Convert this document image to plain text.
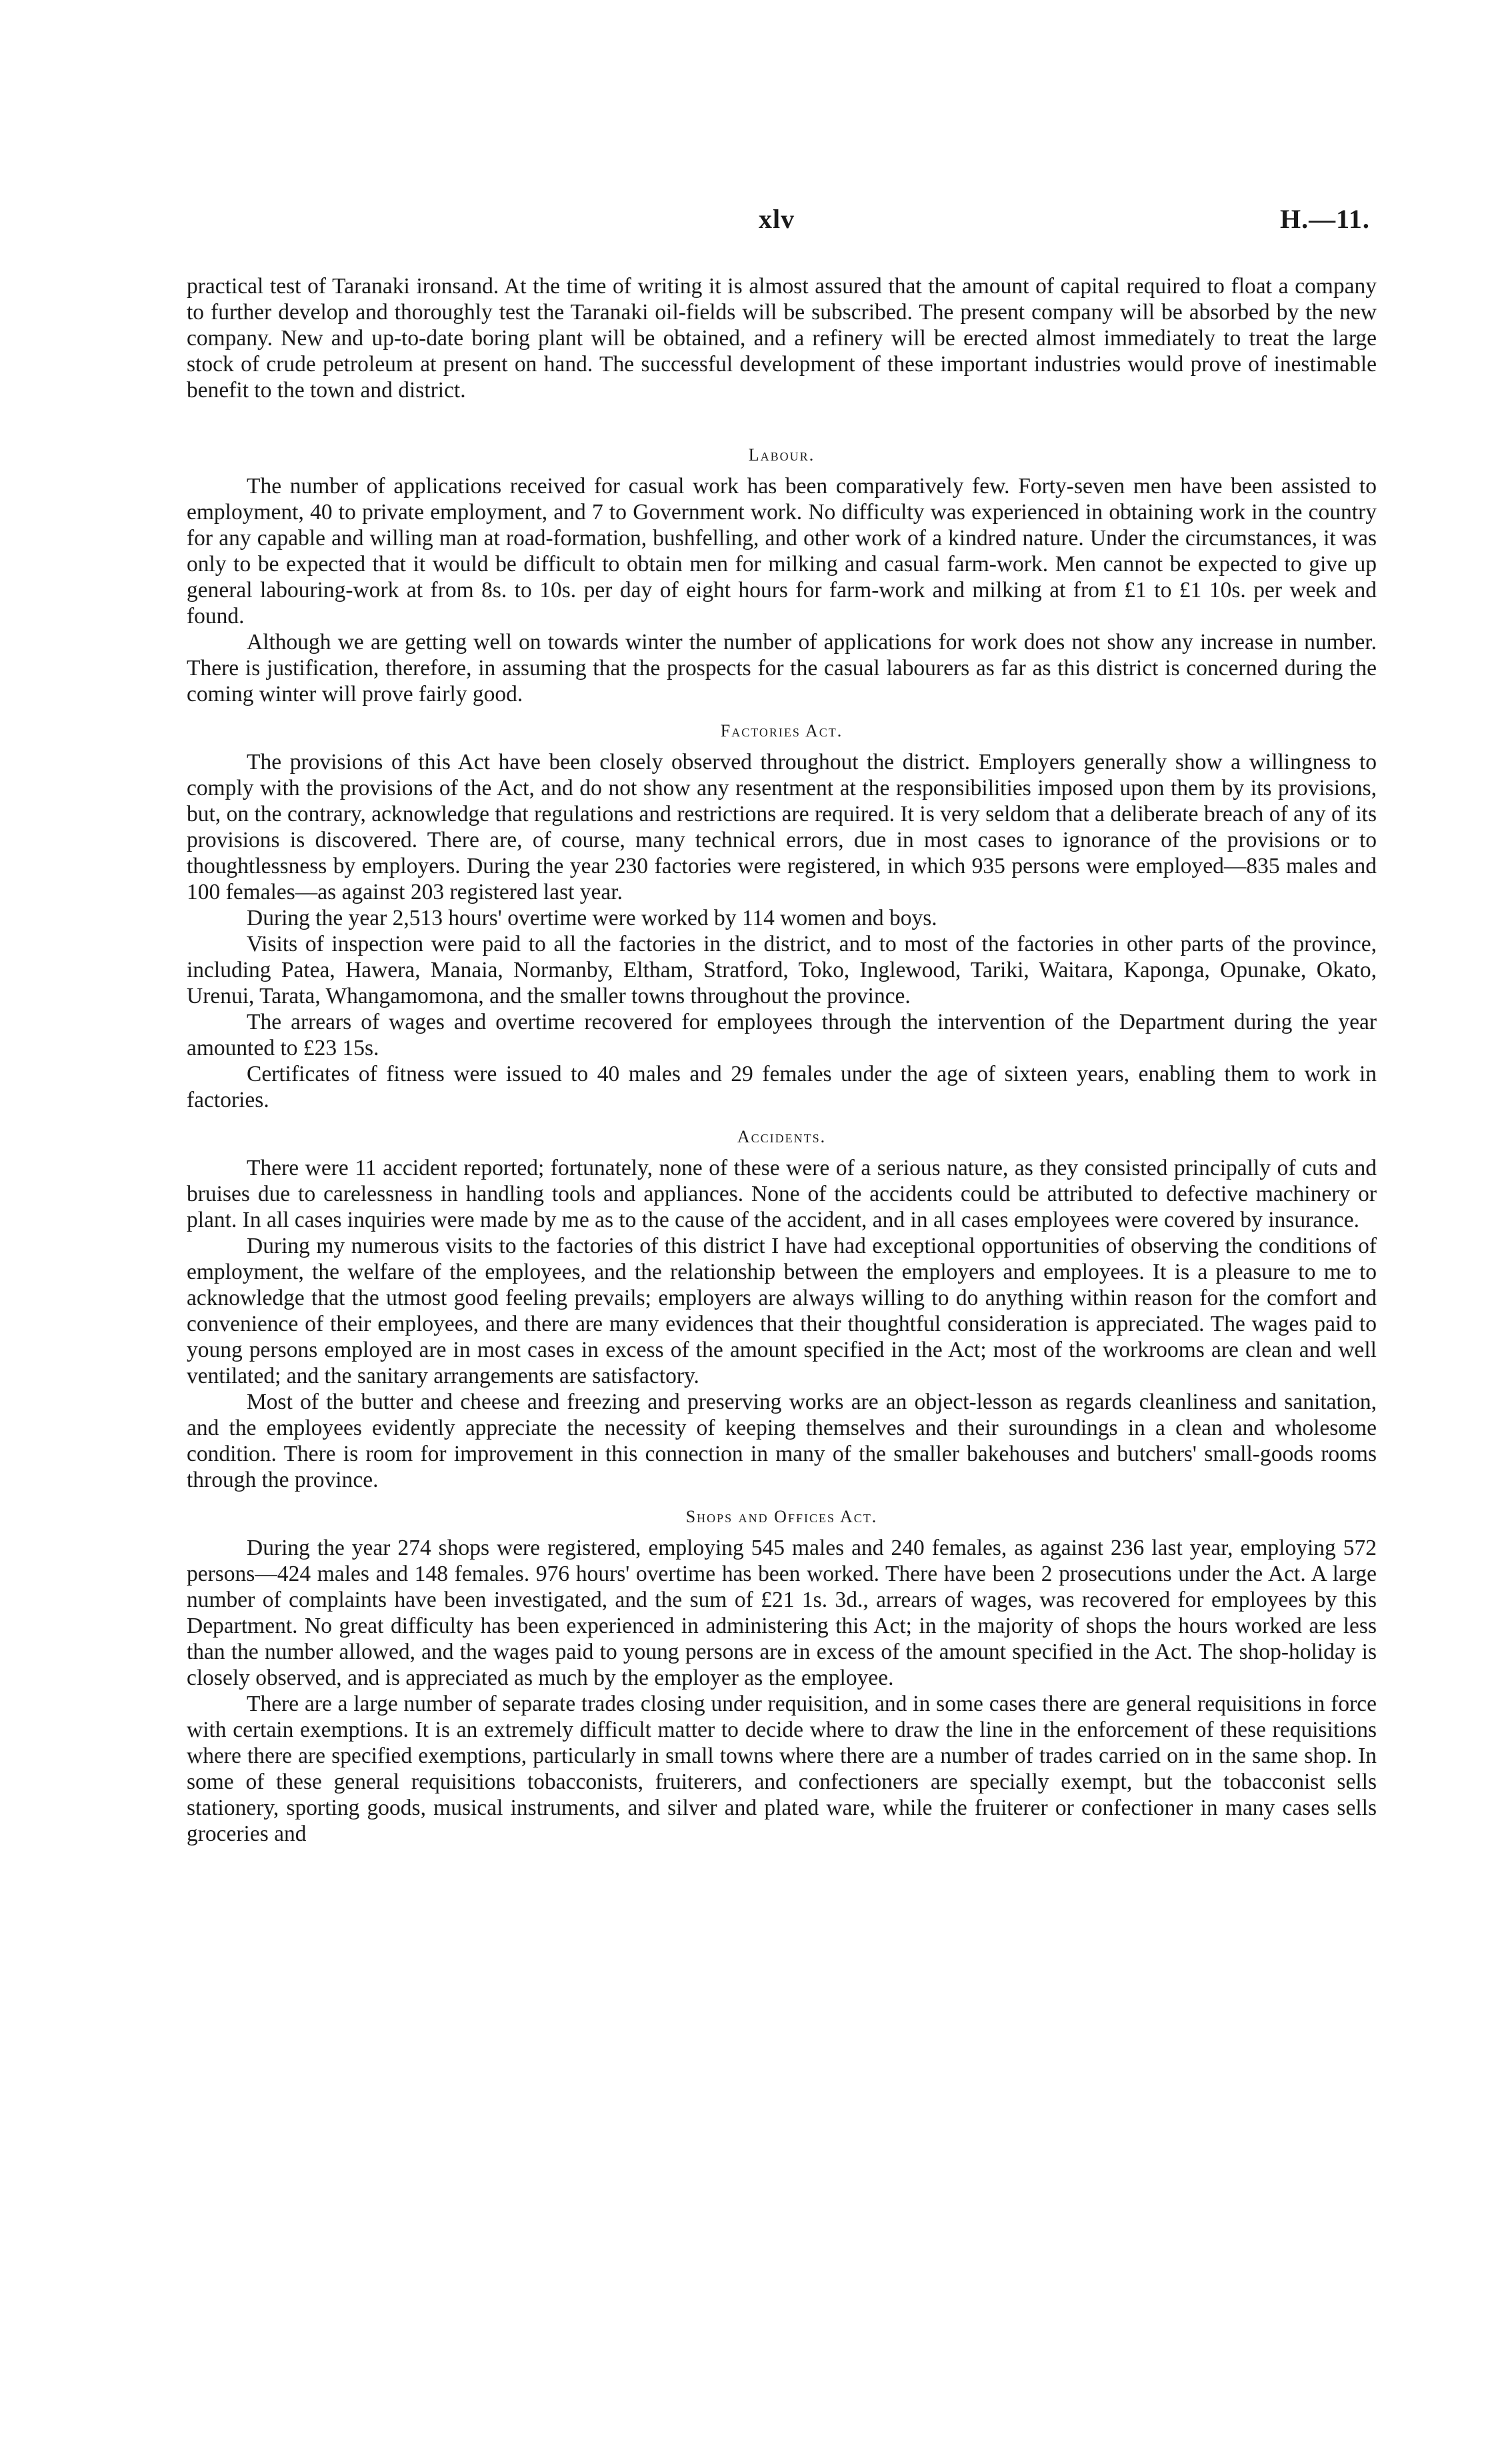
xlv	H.—11.

practical test of Taranaki ironsand. At the time of writing it is almost assured that the amount of capital required to float a company to further develop and thoroughly test the Taranaki oil-fields will be subscribed. The present company will be absorbed by the new company. New and up-to-date boring plant will be obtained, and a refinery will be erected almost immediately to treat the large stock of crude petroleum at present on hand. The successful development of these important industries would prove of inestimable benefit to the town and district.

Labour.

The number of applications received for casual work has been comparatively few. Forty-seven men have been assisted to employment, 40 to private employment, and 7 to Government work. No difficulty was experienced in obtaining work in the country for any capable and willing man at road-formation, bushfelling, and other work of a kindred nature. Under the circumstances, it was only to be expected that it would be difficult to obtain men for milking and casual farm-work. Men cannot be expected to give up general labouring-work at from 8s. to 10s. per day of eight hours for farm-work and milking at from £1 to £1 10s. per week and found.

Although we are getting well on towards winter the number of applications for work does not show any increase in number. There is justification, therefore, in assuming that the prospects for the casual labourers as far as this district is concerned during the coming winter will prove fairly good.

Factories Act.

The provisions of this Act have been closely observed throughout the district. Employers generally show a willingness to comply with the provisions of the Act, and do not show any resentment at the responsibilities imposed upon them by its provisions, but, on the contrary, acknowledge that regulations and restrictions are required. It is very seldom that a deliberate breach of any of its provisions is discovered. There are, of course, many technical errors, due in most cases to ignorance of the provisions or to thoughtlessness by employers. During the year 230 factories were registered, in which 935 persons were employed—835 males and 100 females—as against 203 registered last year.

During the year 2,513 hours' overtime were worked by 114 women and boys.

Visits of inspection were paid to all the factories in the district, and to most of the factories in other parts of the province, including Patea, Hawera, Manaia, Normanby, Eltham, Stratford, Toko, Inglewood, Tariki, Waitara, Kaponga, Opunake, Okato, Urenui, Tarata, Whangamomona, and the smaller towns throughout the province.

The arrears of wages and overtime recovered for employees through the intervention of the Department during the year amounted to £23 15s.

Certificates of fitness were issued to 40 males and 29 females under the age of sixteen years, enabling them to work in factories.

Accidents.

There were 11 accident reported; fortunately, none of these were of a serious nature, as they consisted principally of cuts and bruises due to carelessness in handling tools and appliances. None of the accidents could be attributed to defective machinery or plant. In all cases inquiries were made by me as to the cause of the accident, and in all cases employees were covered by insurance.

During my numerous visits to the factories of this district I have had exceptional opportunities of observing the conditions of employment, the welfare of the employees, and the relationship between the employers and employees. It is a pleasure to me to acknowledge that the utmost good feeling prevails; employers are always willing to do anything within reason for the comfort and convenience of their employees, and there are many evidences that their thoughtful consideration is appreciated. The wages paid to young persons employed are in most cases in excess of the amount specified in the Act; most of the workrooms are clean and well ventilated; and the sanitary arrangements are satisfactory.

Most of the butter and cheese and freezing and preserving works are an object-lesson as regards cleanliness and sanitation, and the employees evidently appreciate the necessity of keeping themselves and their suroundings in a clean and wholesome condition. There is room for improvement in this connection in many of the smaller bakehouses and butchers' small-goods rooms through the province.

Shops and Offices Act.

During the year 274 shops were registered, employing 545 males and 240 females, as against 236 last year, employing 572 persons—424 males and 148 females. 976 hours' overtime has been worked. There have been 2 prosecutions under the Act. A large number of complaints have been investigated, and the sum of £21 1s. 3d., arrears of wages, was recovered for employees by this Department. No great difficulty has been experienced in administering this Act; in the majority of shops the hours worked are less than the number allowed, and the wages paid to young persons are in excess of the amount specified in the Act. The shop-holiday is closely observed, and is appreciated as much by the employer as the employee.

There are a large number of separate trades closing under requisition, and in some cases there are general requisitions in force with certain exemptions. It is an extremely difficult matter to decide where to draw the line in the enforcement of these requisitions where there are specified exemptions, particularly in small towns where there are a number of trades carried on in the same shop. In some of these general requisitions tobacconists, fruiterers, and confectioners are specially exempt, but the tobacconist sells stationery, sporting goods, musical instruments, and silver and plated ware, while the fruiterer or confectioner in many cases sells groceries and
